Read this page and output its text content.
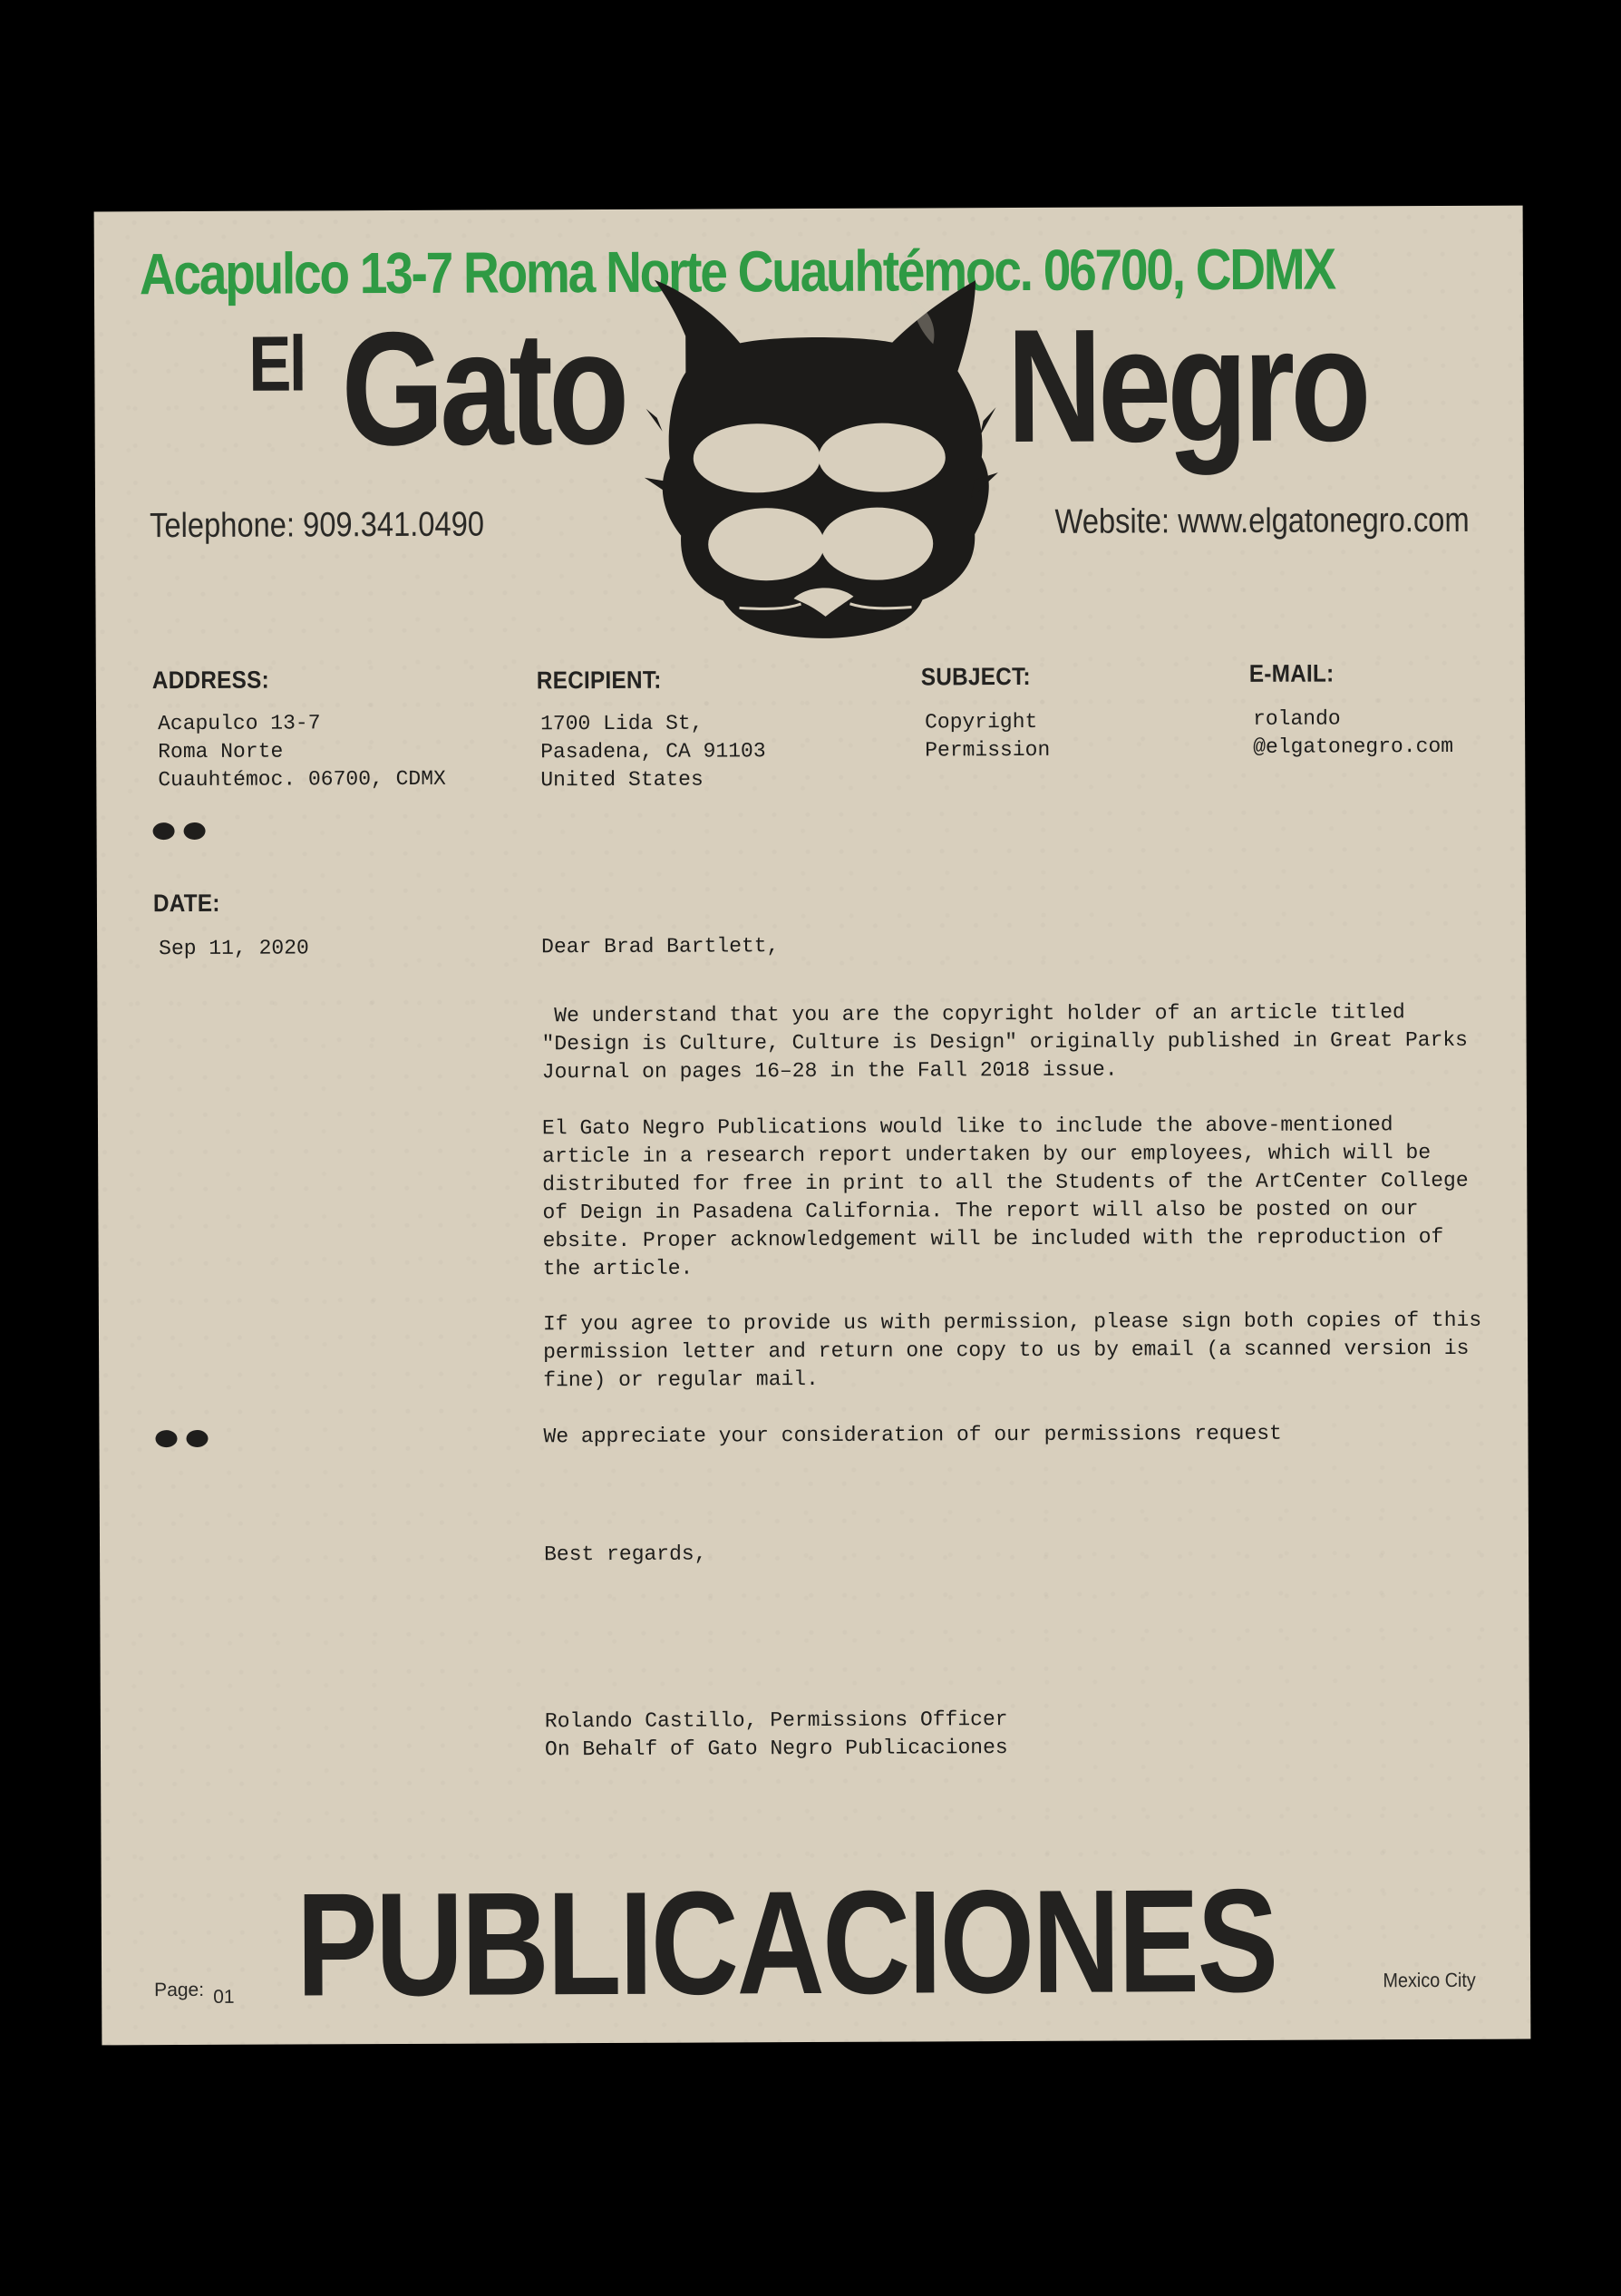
Acapulco 13-7 Roma Norte Cuauhtémoc. 06700, CDMX
El Gato Negro
Telephone: 909.341.0490	Website: www.elgatonegro.com
ADDRESS:
Acapulco 13-7
Roma Norte
Cuauhtémoc. 06700, CDMX
RECIPIENT:
1700 Lida St,
Pasadena, CA 91103
United States
SUBJECT:
Copyright
Permission
E-MAIL:
rolando
@elgatonegro.com
DATE:
Sep 11, 2020	Dear Brad Bartlett,
We understand that you are the copyright holder of an article titled
"Design is Culture, Culture is Design" originally published in Great Parks
Journal on pages 16–28 in the Fall 2018 issue.
El Gato Negro Publications would like to include the above-mentioned
article in a research report undertaken by our employees, which will be
distributed for free in print to all the Students of the ArtCenter College
of Deign in Pasadena California. The report will also be posted on our
ebsite. Proper acknowledgement will be included with the reproduction of
the article.
If you agree to provide us with permission, please sign both copies of this
permission letter and return one copy to us by email (a scanned version is
fine) or regular mail.
We appreciate your consideration of our permissions request
Best regards,
Rolando Castillo, Permissions Officer
On Behalf of Gato Negro Publicaciones
PUBLICACIONES
Page: 01
Mexico City
